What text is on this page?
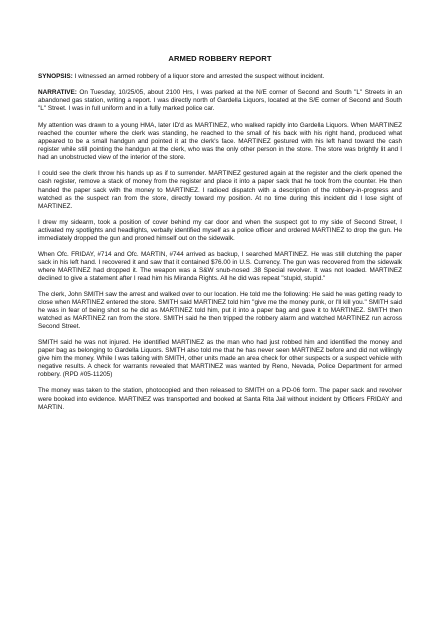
ARMED ROBBERY REPORT

SYNOPSIS: I witnessed an armed robbery of a liquor store and arrested the suspect without incident.

NARRATIVE: On Tuesday, 10/25/05, about 2100 Hrs, I was parked at the N/E corner of Second and South "L" Streets in an abandoned gas station, writing a report. I was directly north of Gardella Liquors, located at the S/E corner of Second and South "L" Street. I was in full uniform and in a fully marked police car.

My attention was drawn to a young HMA, later ID'd as MARTINEZ, who walked rapidly into Gardella Liquors. When MARTINEZ reached the counter where the clerk was standing, he reached to the small of his back with his right hand, produced what appeared to be a small handgun and pointed it at the clerk's face. MARTINEZ gestured with his left hand toward the cash register while still pointing the handgun at the clerk, who was the only other person in the store. The store was brightly lit and I had an unobstructed view of the interior of the store.

I could see the clerk throw his hands up as if to surrender. MARTINEZ gestured again at the register and the clerk opened the cash register, remove a stack of money from the register and place it into a paper sack that he took from the counter. He then handed the paper sack with the money to MARTINEZ. I radioed dispatch with a description of the robbery-in-progress and watched as the suspect ran from the store, directly toward my position. At no time during this incident did I lose sight of MARTINEZ.

I drew my sidearm, took a position of cover behind my car door and when the suspect got to my side of Second Street, I activated my spotlights and headlights, verbally identified myself as a police officer and ordered MARTINEZ to drop the gun. He immediately dropped the gun and proned himself out on the sidewalk.

When Ofc. FRIDAY, #714 and Ofc. MARTIN, #744 arrived as backup, I searched MARTINEZ. He was still clutching the paper sack in his left hand. I recovered it and saw that it contained $76.00 in U.S. Currency. The gun was recovered from the sidewalk where MARTINEZ had dropped it. The weapon was a S&W snub-nosed .38 Special revolver. It was not loaded. MARTINEZ declined to give a statement after I read him his Miranda Rights. All he did was repeat "stupid, stupid."

The clerk, John SMITH saw the arrest and walked over to our location. He told me the following: He said he was getting ready to close when MARTINEZ entered the store. SMITH said MARTINEZ told him "give me the money punk, or I'll kill you." SMITH said he was in fear of being shot so he did as MARTINEZ told him, put it into a paper bag and gave it to MARTINEZ. SMITH then watched as MARTINEZ ran from the store. SMITH said he then tripped the robbery alarm and watched MARTINEZ run across Second Street.

SMITH said he was not injured. He identified MARTINEZ as the man who had just robbed him and identified the money and paper bag as belonging to Gardella Liquors. SMITH also told me that he has never seen MARTINEZ before and did not willingly give him the money. While I was talking with SMITH, other units made an area check for other suspects or a suspect vehicle with negative results. A check for warrants revealed that MARTINEZ was wanted by Reno, Nevada, Police Department for armed robbery. (RPD #05-11205)

The money was taken to the station, photocopied and then released to SMITH on a PD-06 form. The paper sack and revolver were booked into evidence. MARTINEZ was transported and booked at Santa Rita Jail without incident by Officers FRIDAY and MARTIN.
